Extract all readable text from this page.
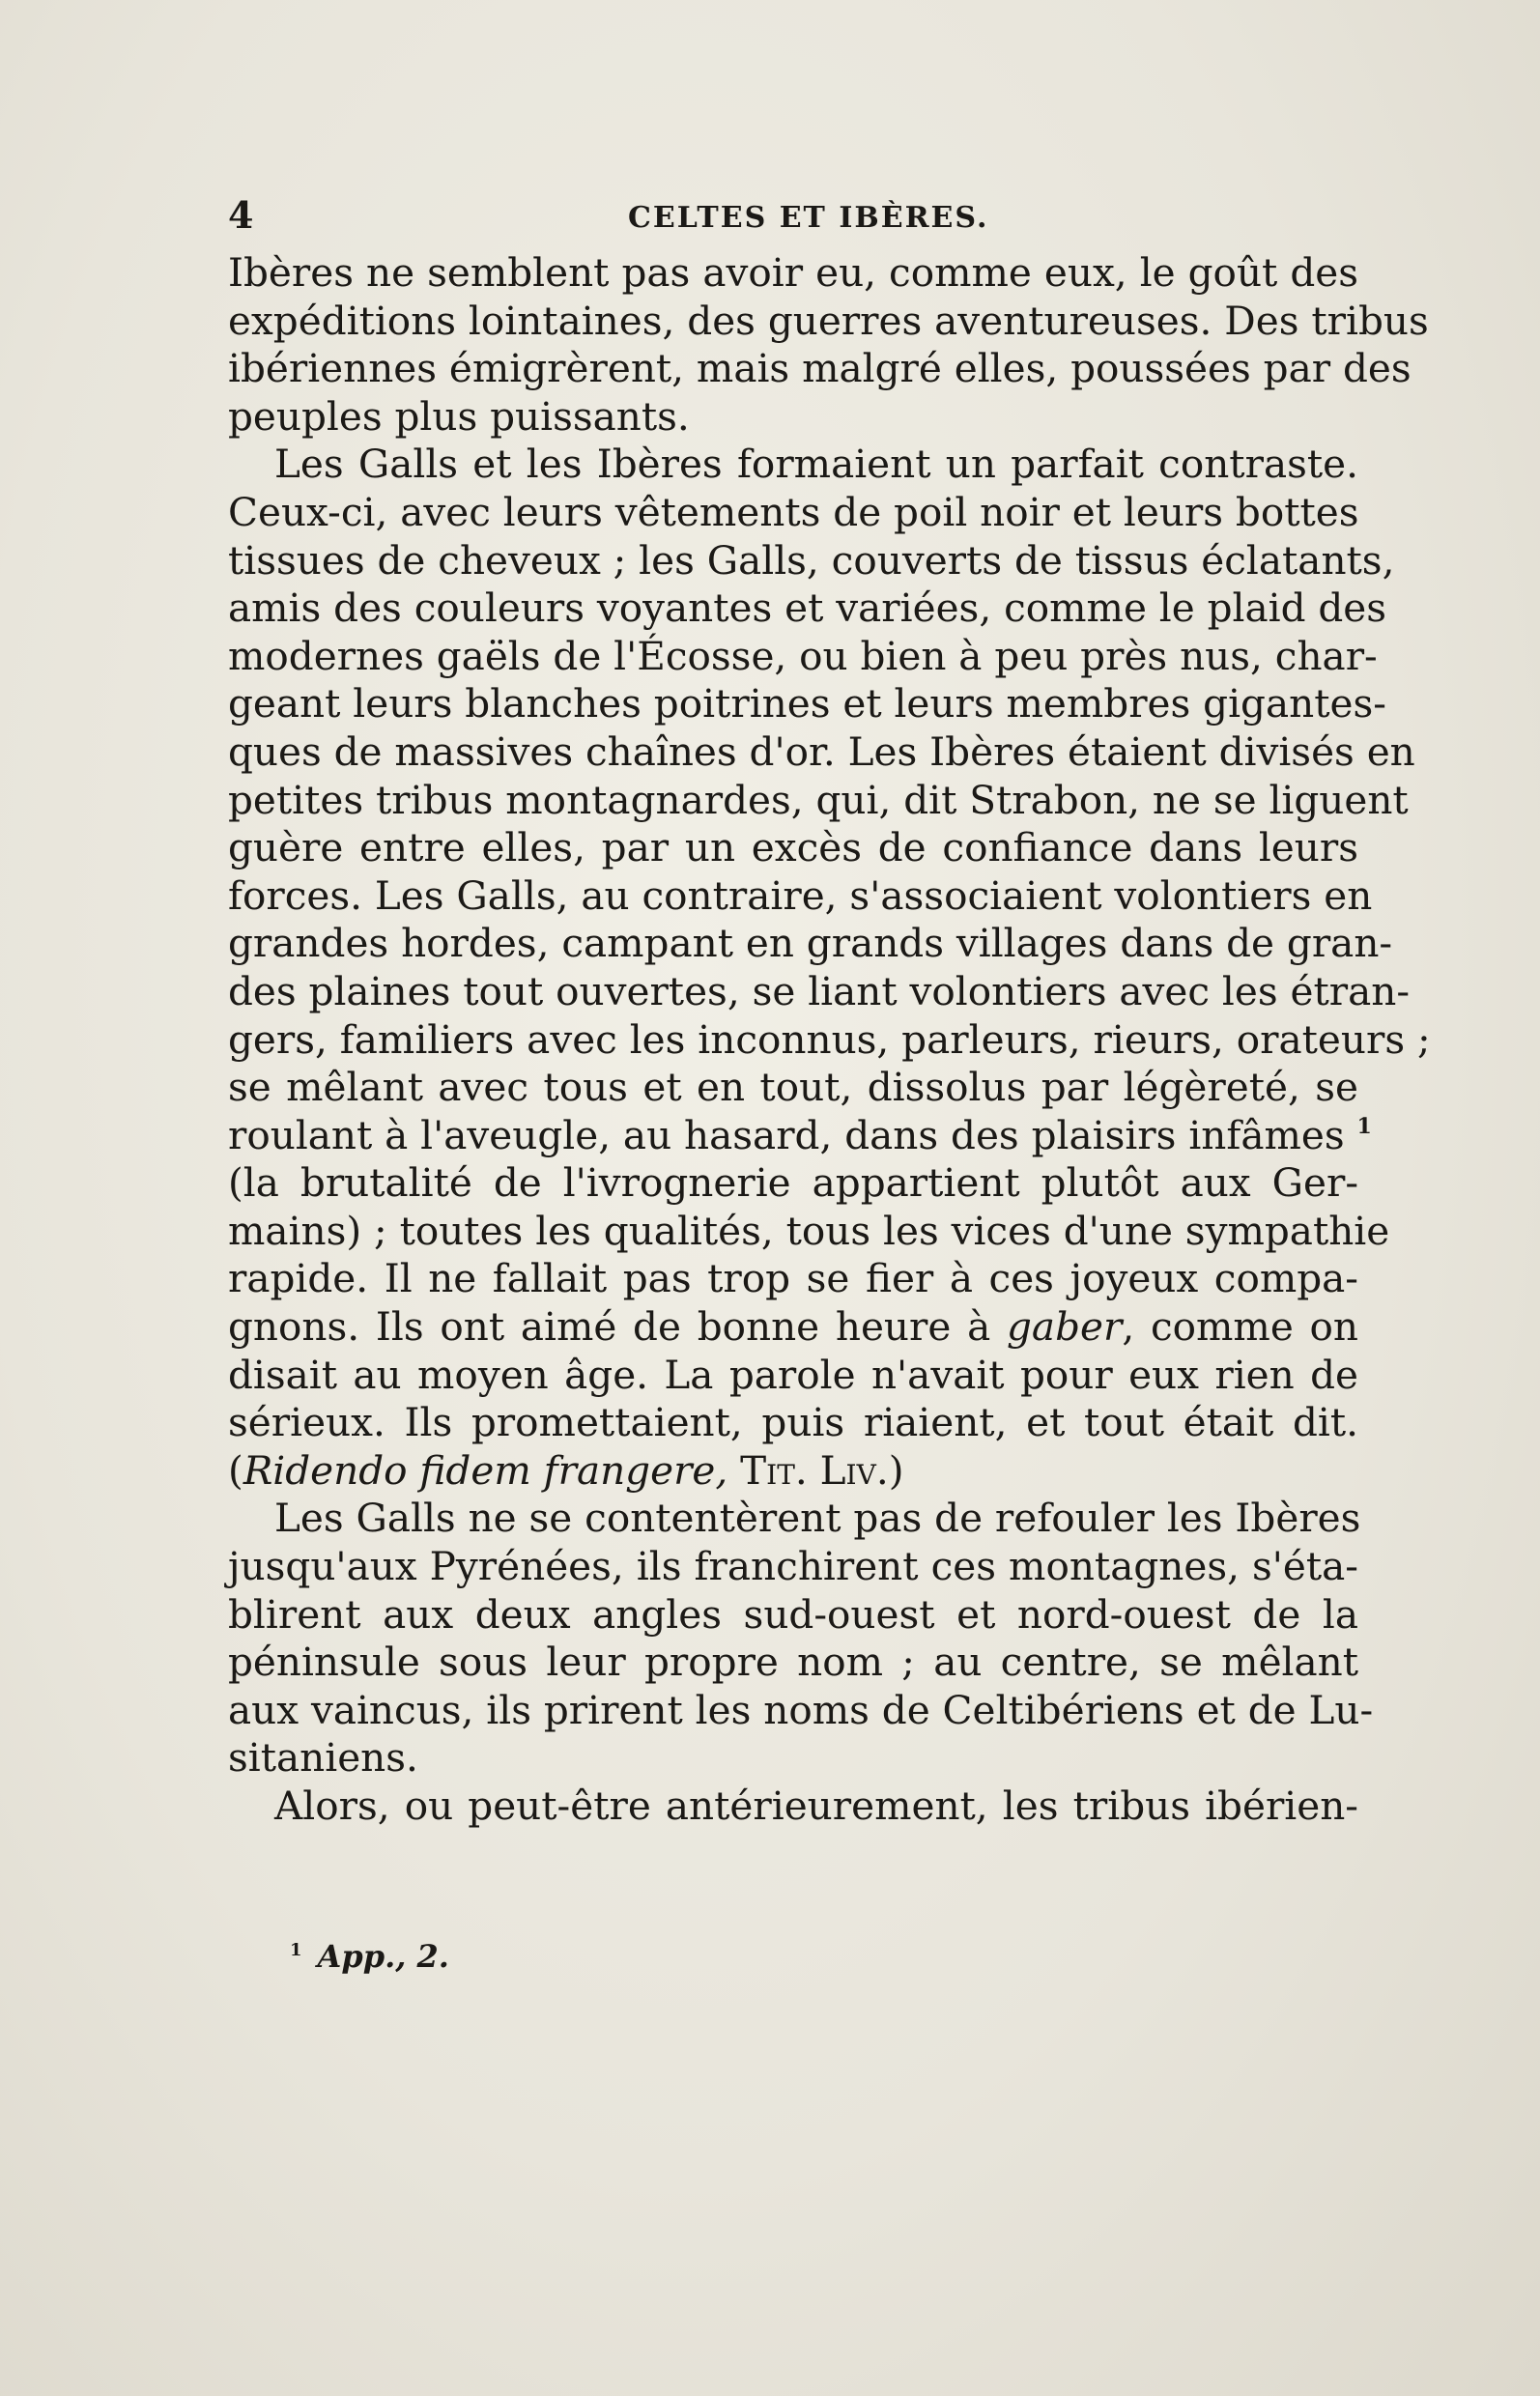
4	CELTES ET IBÈRES.
Ibères ne semblent pas avoir eu, comme eux, le goût des
expéditions lointaines, des guerres aventureuses. Des tribus
ibériennes émigrèrent, mais malgré elles, poussées par des
peuples plus puissants.
Les Galls et les Ibères formaient un parfait contraste.
Ceux-ci, avec leurs vêtements de poil noir et leurs bottes
tissues de cheveux ; les Galls, couverts de tissus éclatants,
amis des couleurs voyantes et variées, comme le plaid des
modernes gaëls de l'Écosse, ou bien à peu près nus, char-
geant leurs blanches poitrines et leurs membres gigantes-
ques de massives chaînes d'or. Les Ibères étaient divisés en
petites tribus montagnardes, qui, dit Strabon, ne se liguent
guère entre elles, par un excès de confiance dans leurs
forces. Les Galls, au contraire, s'associaient volontiers en
grandes hordes, campant en grands villages dans de gran-
des plaines tout ouvertes, se liant volontiers avec les étran-
gers, familiers avec les inconnus, parleurs, rieurs, orateurs ;
se mêlant avec tous et en tout, dissolus par légèreté, se
roulant à l'aveugle, au hasard, dans des plaisirs infâmes $^1$
(la brutalité de l'ivrognerie appartient plutôt aux Ger-
mains) ; toutes les qualités, tous les vices d'une sympathie
rapide. Il ne fallait pas trop se fier à ces joyeux compa-
gnons. Ils ont aimé de bonne heure à gaber, comme on
disait au moyen âge. La parole n'avait pour eux rien de
sérieux. Ils promettaient, puis riaient, et tout était dit.
(Ridendo fidem frangere, Tit. Liv.)
Les Galls ne se contentèrent pas de refouler les Ibères
jusqu'aux Pyrénées, ils franchirent ces montagnes, s'éta-
blirent aux deux angles sud-ouest et nord-ouest de la
péninsule sous leur propre nom ; au centre, se mêlant
aux vaincus, ils prirent les noms de Celtibériens et de Lu-
sitaniens.
Alors, ou peut-être antérieurement, les tribus ibérien-
$^1$ App., 2.
